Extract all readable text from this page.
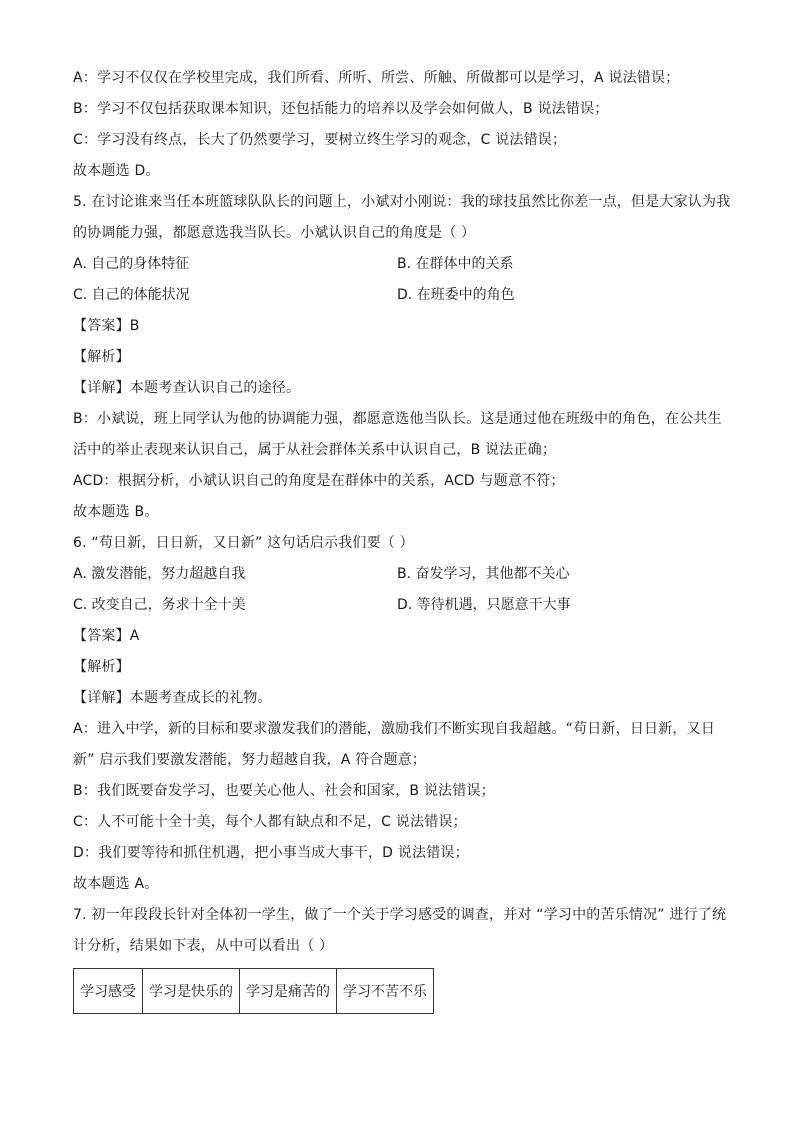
A：学习不仅仅在学校里完成，我们所看、所听、所尝、所触、所做都可以是学习，A 说法错误；
B：学习不仅包括获取课本知识，还包括能力的培养以及学会如何做人，B 说法错误；
C：学习没有终点，长大了仍然要学习，要树立终生学习的观念，C 说法错误；
故本题选 D。
5. 在讨论谁来当任本班篮球队队长的问题上，小斌对小刚说：我的球技虽然比你差一点，但是大家认为我
的协调能力强，都愿意选我当队长。小斌认识自己的角度是（ ）
A. 自己的身体特征	B. 在群体中的关系
C. 自己的体能状况	D. 在班委中的角色
【答案】B
【解析】
【详解】本题考查认识自己的途径。
B：小斌说，班上同学认为他的协调能力强，都愿意选他当队长。这是通过他在班级中的角色，在公共生
活中的举止表现来认识自己，属于从社会群体关系中认识自己，B 说法正确；
ACD：根据分析，小斌认识自己的角度是在群体中的关系，ACD 与题意不符；
故本题选 B。
6. “苟日新，日日新，又日新” 这句话启示我们要（ ）
A. 激发潜能，努力超越自我	B. 奋发学习，其他都不关心
C. 改变自己，务求十全十美	D. 等待机遇，只愿意干大事
【答案】A
【解析】
【详解】本题考查成长的礼物。
A：进入中学，新的目标和要求激发我们的潜能，激励我们不断实现自我超越。“苟日新，日日新，又日
新” 启示我们要激发潜能，努力超越自我，A 符合题意；
B：我们既要奋发学习，也要关心他人、社会和国家，B 说法错误；
C：人不可能十全十美，每个人都有缺点和不足，C 说法错误；
D：我们要等待和抓住机遇，把小事当成大事干，D 说法错误；
故本题选 A。
7. 初一年段段长针对全体初一学生，做了一个关于学习感受的调查，并对 “学习中的苦乐情况” 进行了统
计分析，结果如下表，从中可以看出（ ）
学习感受	学习是快乐的	学习是痛苦的	学习不苦不乐
